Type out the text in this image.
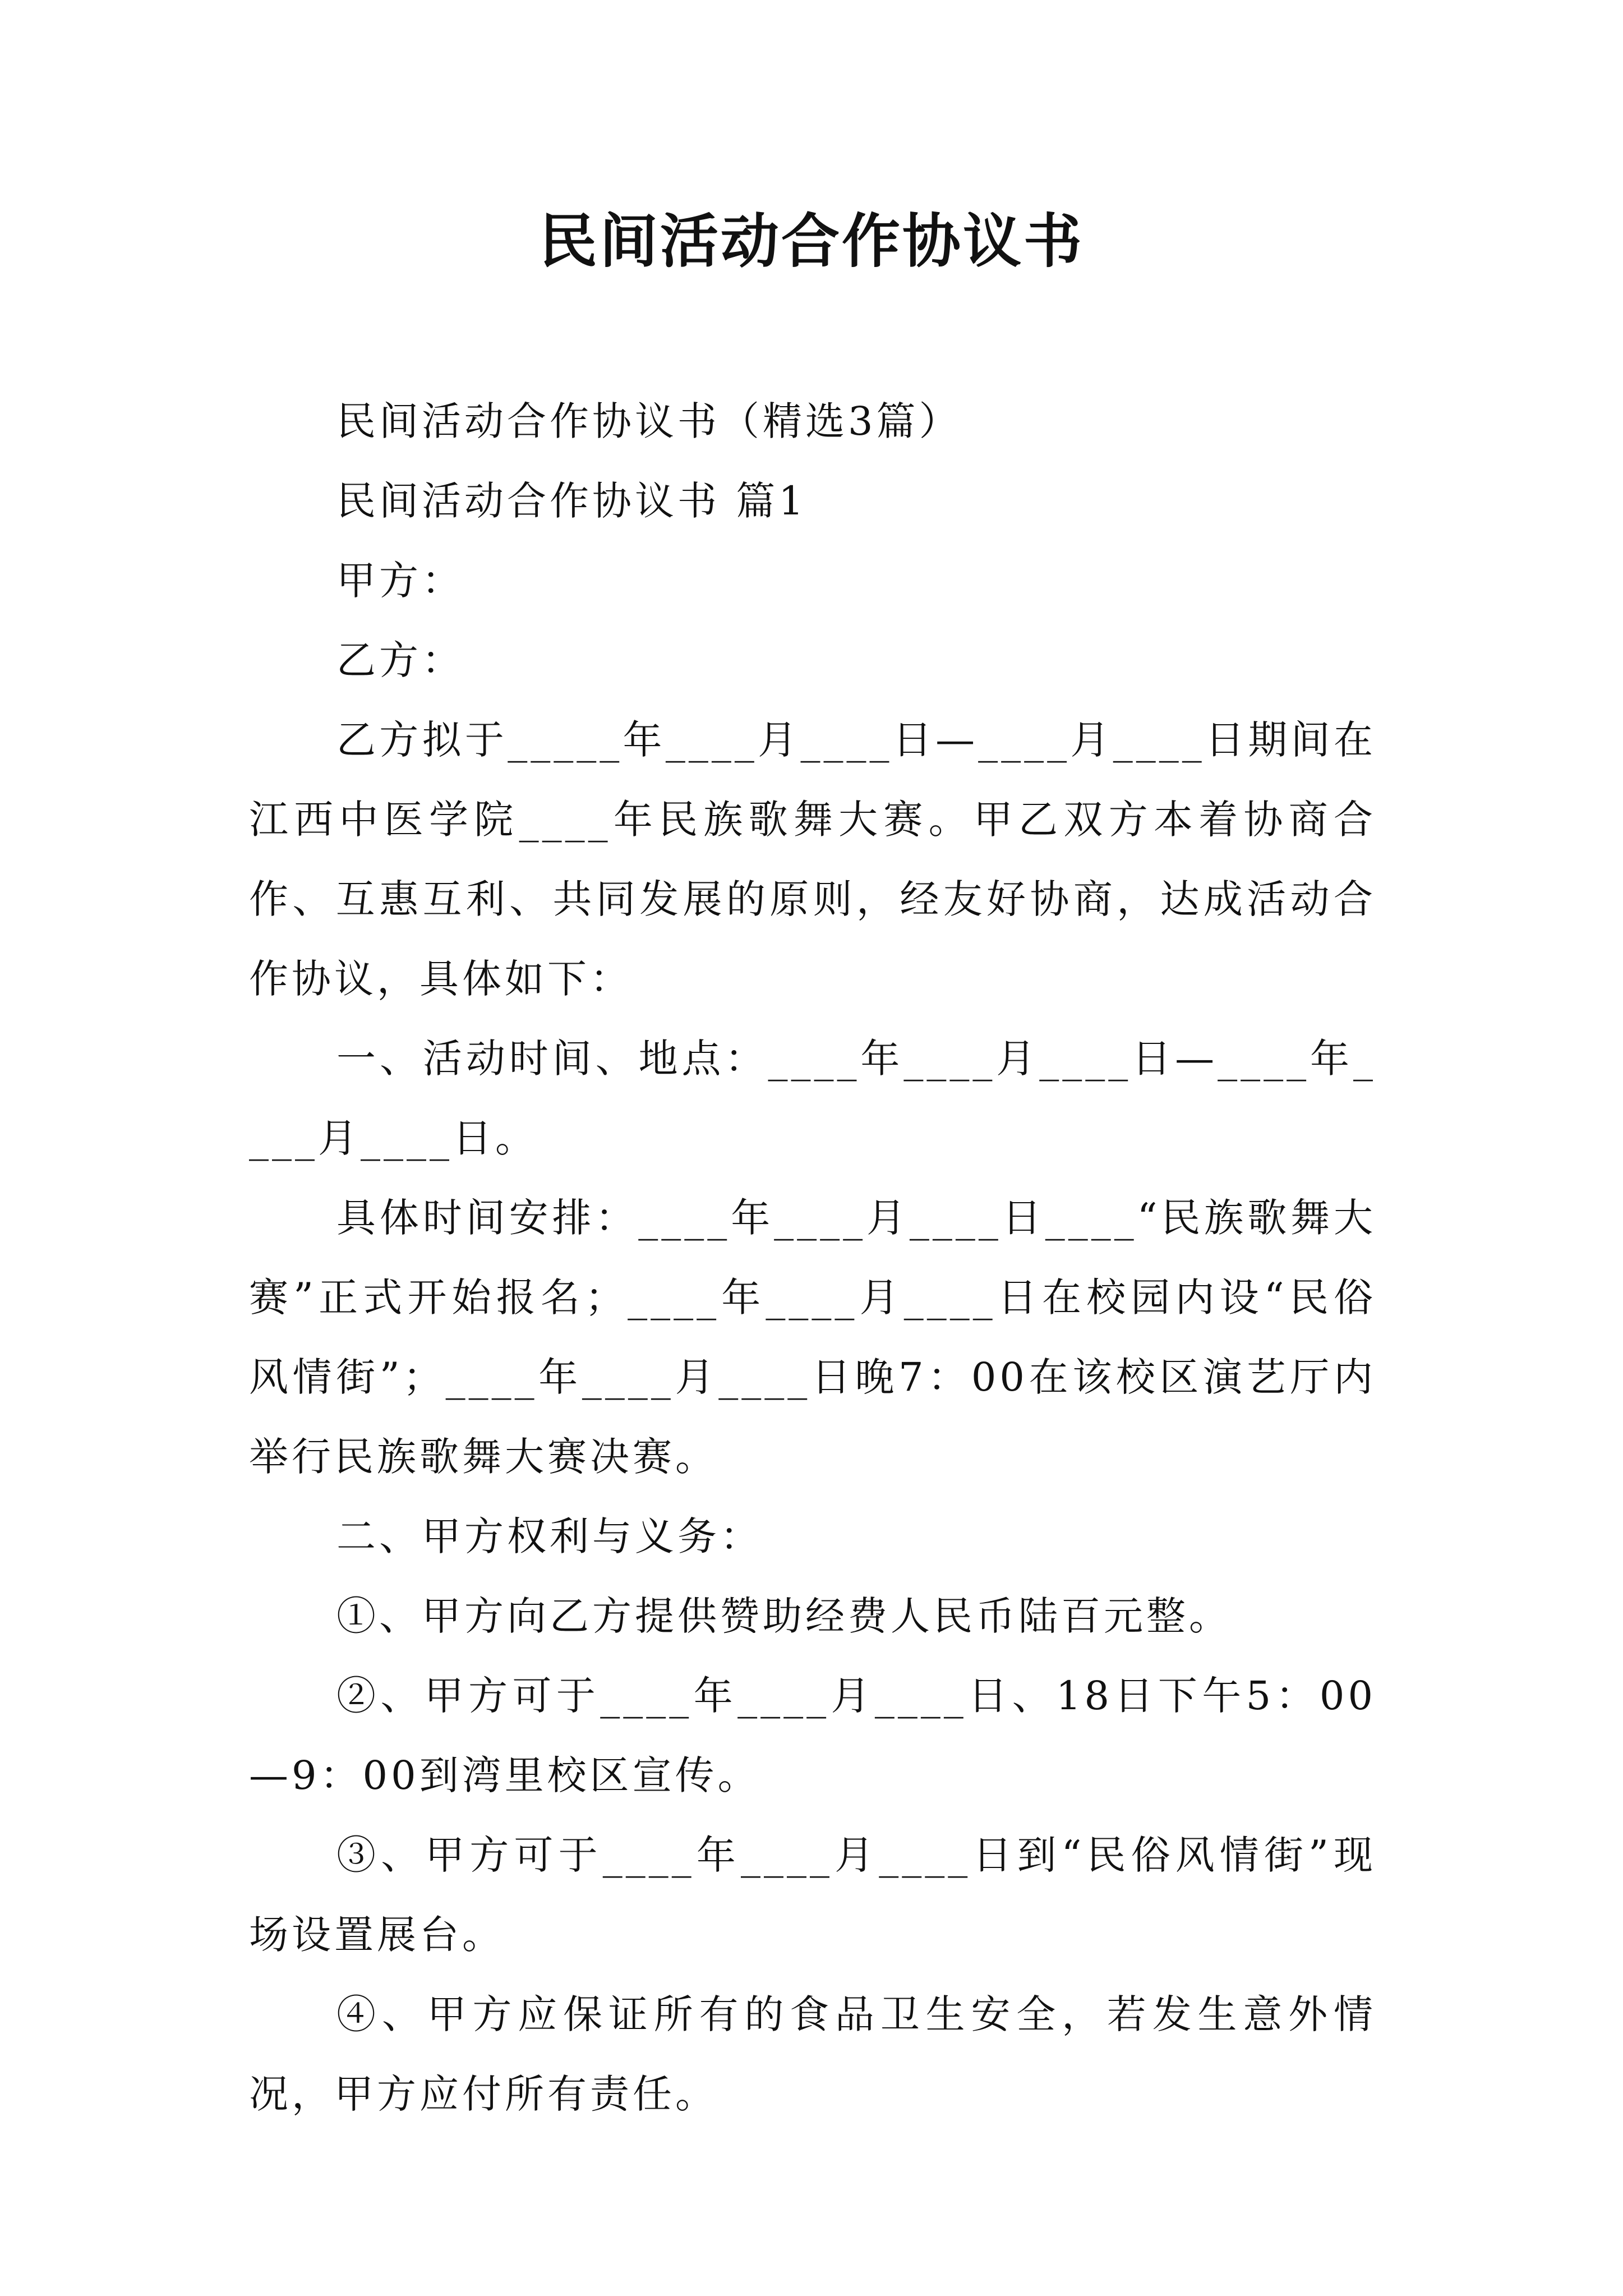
民间活动合作协议书

民间活动合作协议书（精选3篇）

民间活动合作协议书 篇1

甲方：

乙方：

乙方拟于_____年____月____日—____月____日期间在江西中医学院____年民族歌舞大赛。甲乙双方本着协商合作、互惠互利、共同发展的原则，经友好协商，达成活动合作协议，具体如下：

一、活动时间、地点：____年____月____日—____年____月____日。

具体时间安排：____年____月____日____“民族歌舞大赛”正式开始报名；____年____月____日在校园内设“民俗风情街”；____年____月____日晚7：00在该校区演艺厅内举行民族歌舞大赛决赛。

二、甲方权利与义务：

①、甲方向乙方提供赞助经费人民币陆百元整。

②、甲方可于____年____月____日、18日下午5：00—9：00到湾里校区宣传。

③、甲方可于____年____月____日到“民俗风情街”现场设置展台。

④、甲方应保证所有的食品卫生安全，若发生意外情况，甲方应付所有责任。
